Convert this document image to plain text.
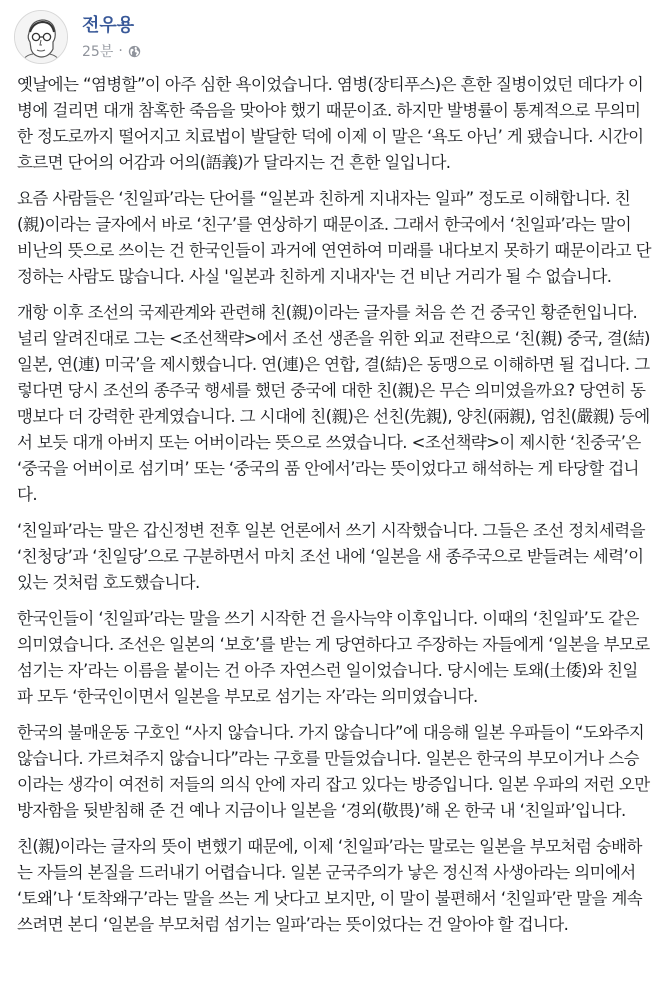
전우용
25분 ·

옛날에는 “염병할”이 아주 심한 욕이었습니다. 염병(장티푸스)은 흔한 질병이었던 데다가 이 병에 걸리면 대개 참혹한 죽음을 맞아야 했기 때문이죠. 하지만 발병률이 통계적으로 무의미한 정도로까지 떨어지고 치료법이 발달한 덕에 이제 이 말은 ‘욕도 아닌’ 게 됐습니다. 시간이 흐르면 단어의 어감과 어의(語義)가 달라지는 건 흔한 일입니다.

요즘 사람들은 ‘친일파’라는 단어를 “일본과 친하게 지내자는 일파” 정도로 이해합니다. 친(親)이라는 글자에서 바로 ‘친구’를 연상하기 때문이죠. 그래서 한국에서 ‘친일파’라는 말이 비난의 뜻으로 쓰이는 건 한국인들이 과거에 연연하여 미래를 내다보지 못하기 때문이라고 단정하는 사람도 많습니다. 사실 '일본과 친하게 지내자'는 건 비난 거리가 될 수 없습니다.

개항 이후 조선의 국제관계와 관련해 친(親)이라는 글자를 처음 쓴 건 중국인 황준헌입니다. 널리 알려진대로 그는 <조선책략>에서 조선 생존을 위한 외교 전략으로 ‘친(親) 중국, 결(結) 일본, 연(連) 미국’을 제시했습니다. 연(連)은 연합, 결(結)은 동맹으로 이해하면 될 겁니다. 그렇다면 당시 조선의 종주국 행세를 했던 중국에 대한 친(親)은 무슨 의미였을까요? 당연히 동맹보다 더 강력한 관계였습니다. 그 시대에 친(親)은 선친(先親), 양친(兩親), 엄친(嚴親) 등에서 보듯 대개 아버지 또는 어버이라는 뜻으로 쓰였습니다. <조선책략>이 제시한 ‘친중국’은 ‘중국을 어버이로 섬기며’ 또는 ‘중국의 품 안에서’라는 뜻이었다고 해석하는 게 타당할 겁니다.

‘친일파’라는 말은 갑신정변 전후 일본 언론에서 쓰기 시작했습니다. 그들은 조선 정치세력을 ‘친청당’과 ‘친일당’으로 구분하면서 마치 조선 내에 ‘일본을 새 종주국으로 받들려는 세력’이 있는 것처럼 호도했습니다.

한국인들이 ‘친일파’라는 말을 쓰기 시작한 건 을사늑약 이후입니다. 이때의 ‘친일파’도 같은 의미였습니다. 조선은 일본의 ‘보호’를 받는 게 당연하다고 주장하는 자들에게 ‘일본을 부모로 섬기는 자’라는 이름을 붙이는 건 아주 자연스런 일이었습니다. 당시에는 토왜(土倭)와 친일파 모두 ‘한국인이면서 일본을 부모로 섬기는 자’라는 의미였습니다.

한국의 불매운동 구호인 “사지 않습니다. 가지 않습니다”에 대응해 일본 우파들이 “도와주지 않습니다. 가르쳐주지 않습니다”라는 구호를 만들었습니다. 일본은 한국의 부모이거나 스승이라는 생각이 여전히 저들의 의식 안에 자리 잡고 있다는 방증입니다. 일본 우파의 저런 오만방자함을 뒷받침해 준 건 예나 지금이나 일본을 ‘경외(敬畏)’해 온 한국 내 ‘친일파’입니다.

친(親)이라는 글자의 뜻이 변했기 때문에, 이제 ‘친일파’라는 말로는 일본을 부모처럼 숭배하는 자들의 본질을 드러내기 어렵습니다. 일본 군국주의가 낳은 정신적 사생아라는 의미에서 ‘토왜’나 ‘토착왜구’라는 말을 쓰는 게 낫다고 보지만, 이 말이 불편해서 ‘친일파’란 말을 계속 쓰려면 본디 ‘일본을 부모처럼 섬기는 일파’라는 뜻이었다는 건 알아야 할 겁니다.
